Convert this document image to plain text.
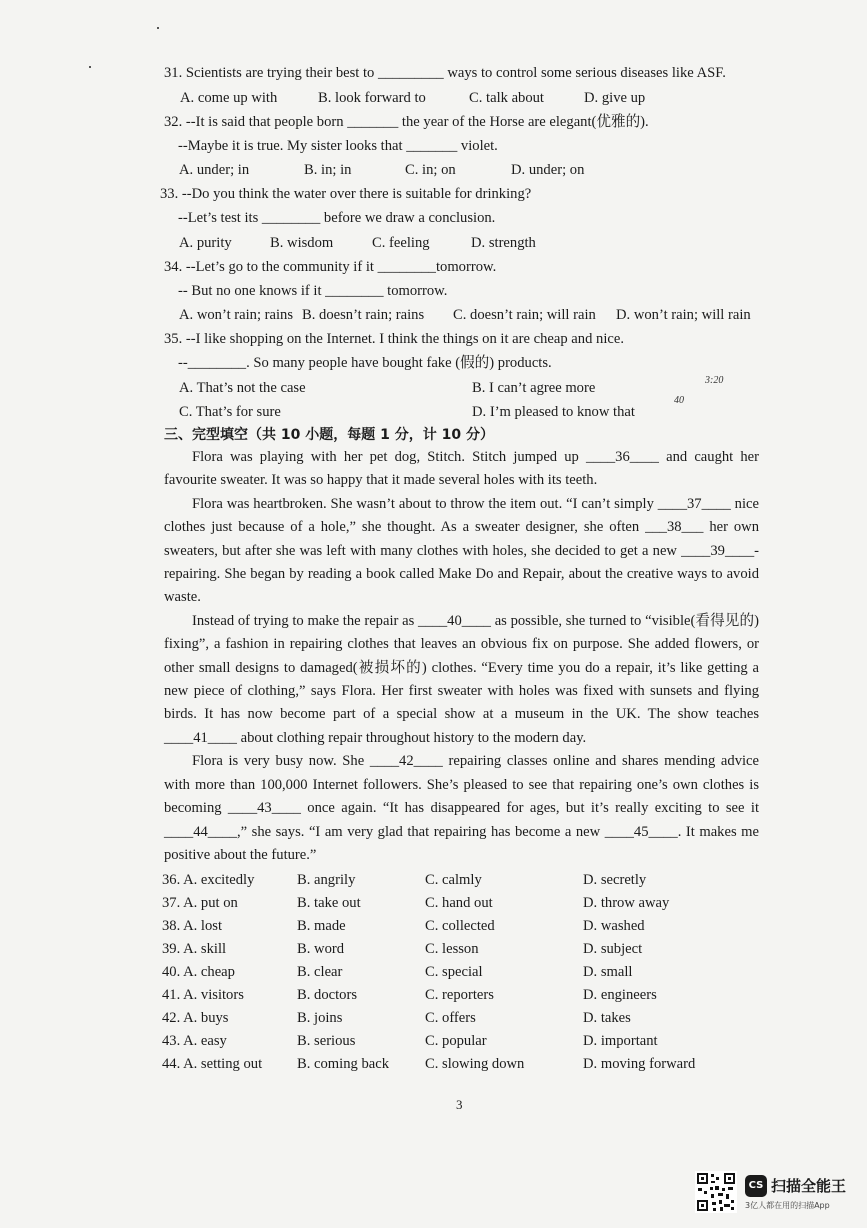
31. Scientists are trying their best to _________ ways to control some serious diseases like ASF.
A. come up with	B. look forward to	C. talk about	D. give up
32. --It is said that people born _______ the year of the Horse are elegant(优雅的).
--Maybe it is true. My sister looks that _______ violet.
A. under; in	B. in; in	C. in; on	D. under; on
33. --Do you think the water over there is suitable for drinking?
--Let’s test its ________ before we draw a conclusion.
A. purity	B. wisdom	C. feeling	D. strength
34. --Let’s go to the community if it ________tomorrow.
-- But no one knows if it ________ tomorrow.
A. won’t rain; rains B. doesn’t rain; rains C. doesn’t rain; will rain D. won’t rain; will rain
35. --I like shopping on the Internet. I think the things on it are cheap and nice.
--________. So many people have bought fake (假的) products.
A. That’s not the case	B. I can’t agree more
C. That’s for sure	D. I’m pleased to know that
3:20
40
三、完型填空（共 10 小题，每题 1 分，计 10 分）

Flora was playing with her pet dog, Stitch. Stitch jumped up ____36____ and caught her favourite sweater. It was so happy that it made several holes with its teeth.

Flora was heartbroken. She wasn’t about to throw the item out. “I can’t simply ____37____ nice clothes just because of a hole,” she thought. As a sweater designer, she often ___38___ her own sweaters, but after she was left with many clothes with holes, she decided to get a new ____39____-repairing. She began by reading a book called Make Do and Repair, about the creative ways to avoid waste.

Instead of trying to make the repair as ____40____ as possible, she turned to “visible(看得见的) fixing”, a fashion in repairing clothes that leaves an obvious fix on purpose. She added flowers, or other small designs to damaged(被损坏的) clothes. “Every time you do a repair, it’s like getting a new piece of clothing,” says Flora. Her first sweater with holes was fixed with sunsets and flying birds. It has now become part of a special show at a museum in the UK. The show teaches ____41____ about clothing repair throughout history to the modern day.

Flora is very busy now. She ____42____ repairing classes online and shares mending advice with more than 100,000 Internet followers. She’s pleased to see that repairing one’s own clothes is becoming ____43____ once again. “It has disappeared for ages, but it’s really exciting to see it ____44____,” she says. “I am very glad that repairing has become a new ____45____. It makes me positive about the future.”

36. A. excitedly	B. angrily	C. calmly	D. secretly
37. A. put on	B. take out	C. hand out	D. throw away
38. A. lost	B. made	C. collected	D. washed
39. A. skill	B. word	C. lesson	D. subject
40. A. cheap	B. clear	C. special	D. small
41. A. visitors	B. doctors	C. reporters	D. engineers
42. A. buys	B. joins	C. offers	D. takes
43. A. easy	B. serious	C. popular	D. important
44. A. setting out B. coming back C. slowing down	D. moving forward
3
CS 扫描全能王
3亿人都在用的扫描App
